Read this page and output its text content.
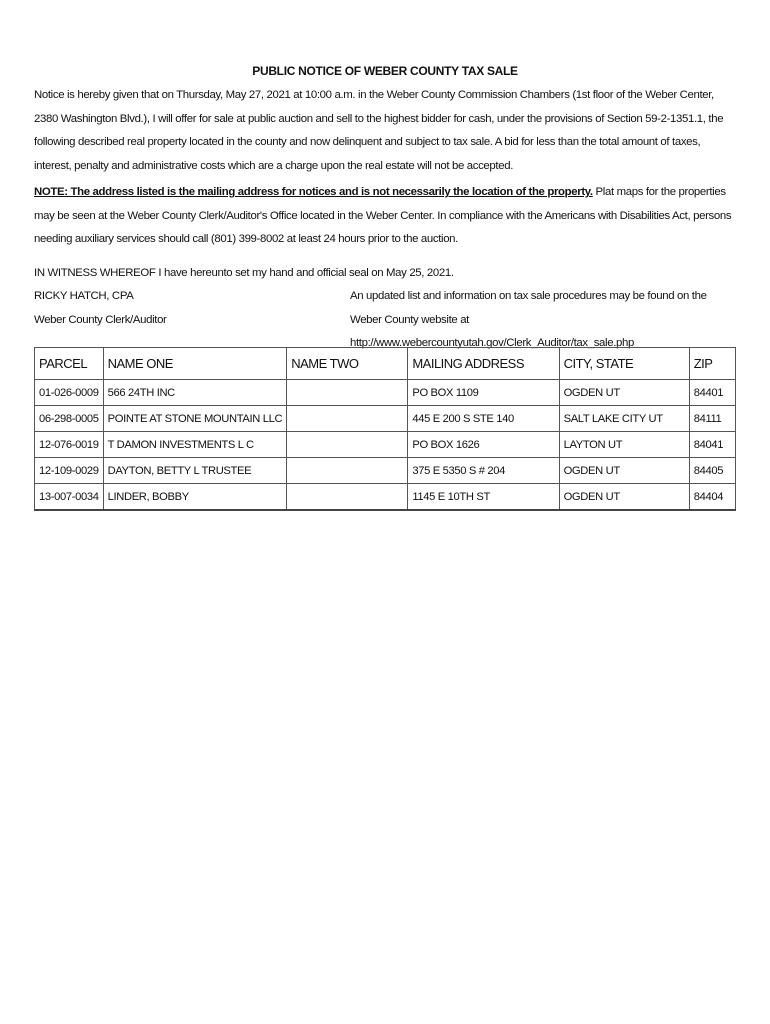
PUBLIC NOTICE OF WEBER COUNTY TAX SALE

Notice is hereby given that on Thursday, May 27, 2021 at 10:00 a.m. in the Weber County Commission Chambers (1st floor of the Weber Center, 2380 Washington Blvd.), I will offer for sale at public auction and sell to the highest bidder for cash, under the provisions of Section 59-2-1351.1, the following described real property located in the county and now delinquent and subject to tax sale. A bid for less than the total amount of taxes, interest, penalty and administrative costs which are a charge upon the real estate will not be accepted.

NOTE: The address listed is the mailing address for notices and is not necessarily the location of the property. Plat maps for the properties may be seen at the Weber County Clerk/Auditor's Office located in the Weber Center. In compliance with the Americans with Disabilities Act, persons needing auxiliary services should call (801) 399-8002 at least 24 hours prior to the auction.

IN WITNESS WHEREOF I have hereunto set my hand and official seal on May 25, 2021.

RICKY HATCH, CPA
Weber County Clerk/Auditor
An updated list and information on tax sale procedures may be found on the Weber County website at http://www.webercountyutah.gov/Clerk_Auditor/tax_sale.php
PARCEL	NAME ONE	NAME TWO	MAILING ADDRESS	CITY, STATE	ZIP
01-026-0009	566 24TH INC		PO BOX 1109	OGDEN UT	84401
06-298-0005	POINTE AT STONE MOUNTAIN LLC		445 E 200 S STE 140	SALT LAKE CITY UT	84111
12-076-0019	T DAMON INVESTMENTS L C		PO BOX 1626	LAYTON UT	84041
12-109-0029	DAYTON, BETTY L TRUSTEE		375 E 5350 S # 204	OGDEN UT	84405
13-007-0034	LINDER, BOBBY		1145 E 10TH ST	OGDEN UT	84404
